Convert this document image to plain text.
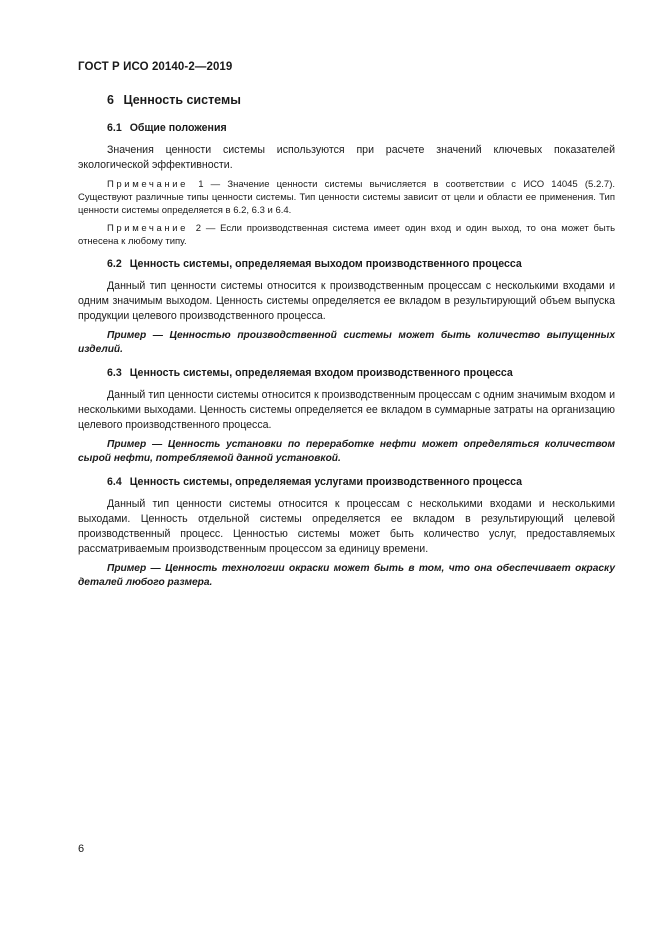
ГОСТ Р ИСО 20140-2—2019
6 Ценность системы
6.1 Общие положения

Значения ценности системы используются при расчете значений ключевых показателей экологической эффективности.

Примечание 1 — Значение ценности системы вычисляется в соответствии с ИСО 14045 (5.2.7). Существуют различные типы ценности системы. Тип ценности системы зависит от цели и области ее применения. Тип ценности системы определяется в 6.2, 6.3 и 6.4.

Примечание 2 — Если производственная система имеет один вход и один выход, то она может быть отнесена к любому типу.

6.2 Ценность системы, определяемая выходом производственного процесса

Данный тип ценности системы относится к производственным процессам с несколькими входами и одним значимым выходом. Ценность системы определяется ее вкладом в результирующий объем выпуска продукции целевого производственного процесса.

Пример — Ценностью производственной системы может быть количество выпущенных изделий.

6.3 Ценность системы, определяемая входом производственного процесса

Данный тип ценности системы относится к производственным процессам с одним значимым входом и несколькими выходами. Ценность системы определяется ее вкладом в суммарные затраты на организацию целевого производственного процесса.

Пример — Ценность установки по переработке нефти может определяться количеством сырой нефти, потребляемой данной установкой.

6.4 Ценность системы, определяемая услугами производственного процесса

Данный тип ценности системы относится к процессам с несколькими входами и несколькими выходами. Ценность отдельной системы определяется ее вкладом в результирующий целевой производственный процесс. Ценностью системы может быть количество услуг, предоставляемых рассматриваемым производственным процессом за единицу времени.

Пример — Ценность технологии окраски может быть в том, что она обеспечивает окраску деталей любого размера.

6
